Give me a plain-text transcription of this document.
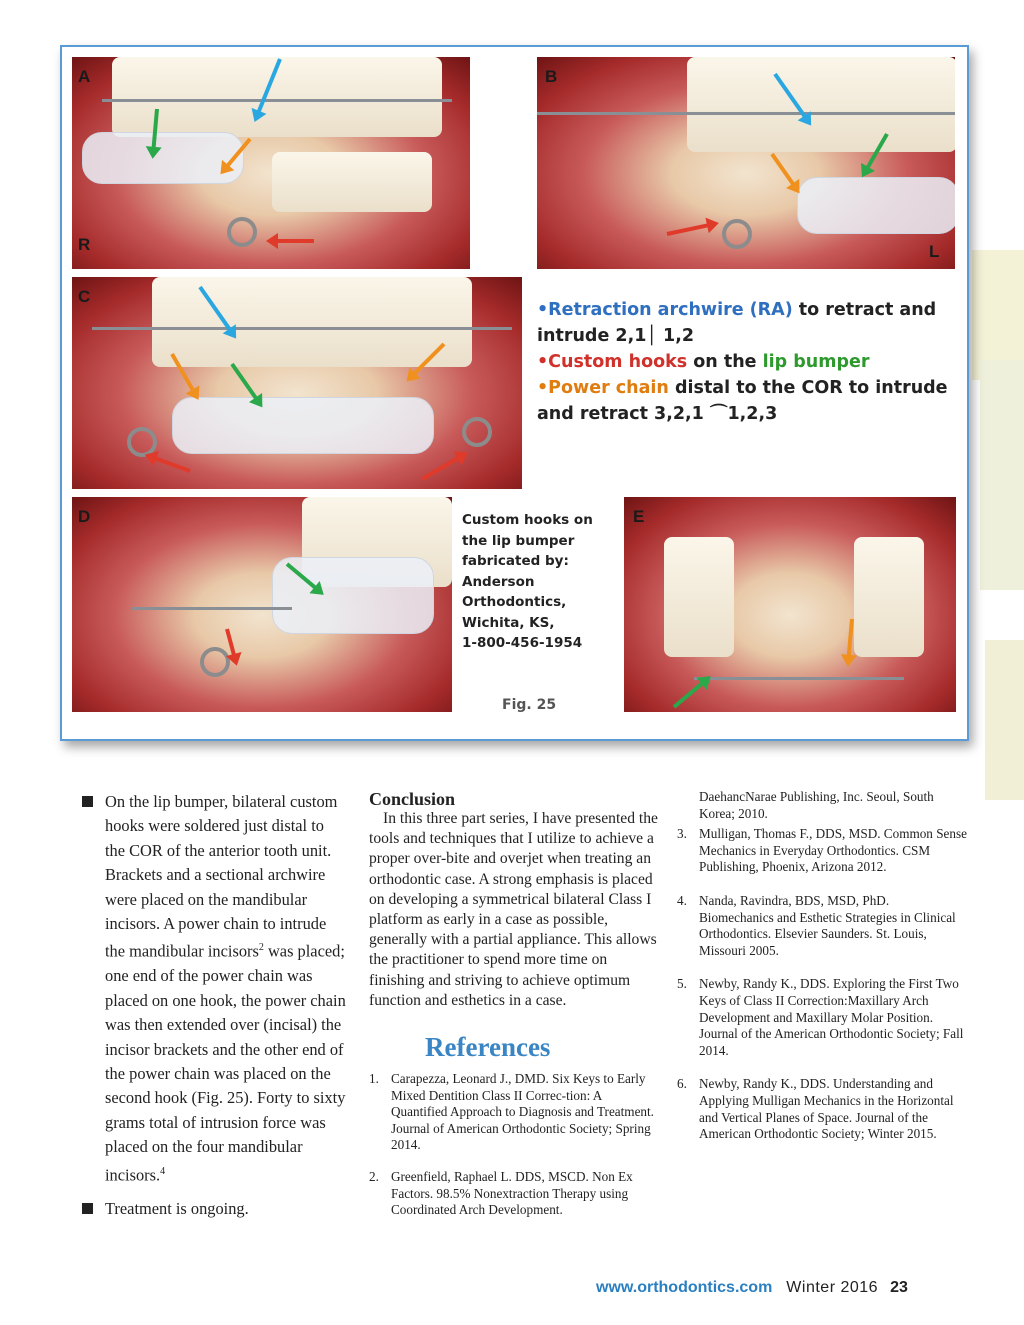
A
R
B
L
C
•Retraction archwire (RA) to retract and
intrude 2,1│ 1,2
•Custom hooks on the lip bumper
•Power chain distal to the COR to intrude
and retract 3,2,1 ⌒1,2,3
D	Custom hooks on
the lip bumper
fabricated by:
Anderson
Orthodontics,
Wichita, KS,
1-800-456-1954
Fig. 25
E
On the lip bumper, bilateral custom hooks were soldered just distal to the COR of the anterior tooth unit. Brackets and a sectional archwire were placed on the mandibular incisors. A power chain to intrude the mandibular incisors$^2$ was placed; one end of the power chain was placed on one hook, the power chain was then extended over (incisal) the incisor brackets and the other end of the power chain was placed on the second hook (Fig. 25). Forty to sixty grams total of intrusion force was placed on the four mandibular incisors.$^4$
Treatment is ongoing.
Conclusion

In this three part series, I have presented the tools and techniques that I utilize to achieve a proper over-bite and overjet when treating an orthodontic case. A strong emphasis is placed on developing a symmetrical bilateral Class I platform as early in a case as possible, generally with a partial appliance. This allows the practitioner to spend more time on finishing and striving to achieve optimum function and esthetics in a case.

References
1. Carapezza, Leonard J., DMD. Six Keys to Early Mixed Dentition Class II Correc-tion: A Quantified Approach to Diagnosis and Treatment. Journal of American Orthodontic Society; Spring 2014.
2. Greenfield, Raphael L. DDS, MSCD. Non Ex Factors. 98.5% Nonextraction Therapy using Coordinated Arch Development.
DaehancNarae Publishing, Inc. Seoul, South Korea; 2010.
3. Mulligan, Thomas F., DDS, MSD. Common Sense Mechanics in Everyday Orthodontics. CSM Publishing, Phoenix, Arizona 2012.
4. Nanda, Ravindra, BDS, MSD, PhD. Biomechanics and Esthetic Strategies in Clinical Orthodontics. Elsevier Saunders. St. Louis, Missouri 2005.
5. Newby, Randy K., DDS. Exploring the First Two Keys of Class II Correction:Maxillary Arch Development and Maxillary Molar Position. Journal of the American Orthodontic Society; Fall 2014.
6. Newby, Randy K., DDS. Understanding and Applying Mulligan Mechanics in the Horizontal and Vertical Planes of Space. Journal of the American Orthodontic Society; Winter 2015.
www.orthodontics.com Winter 2016 23
